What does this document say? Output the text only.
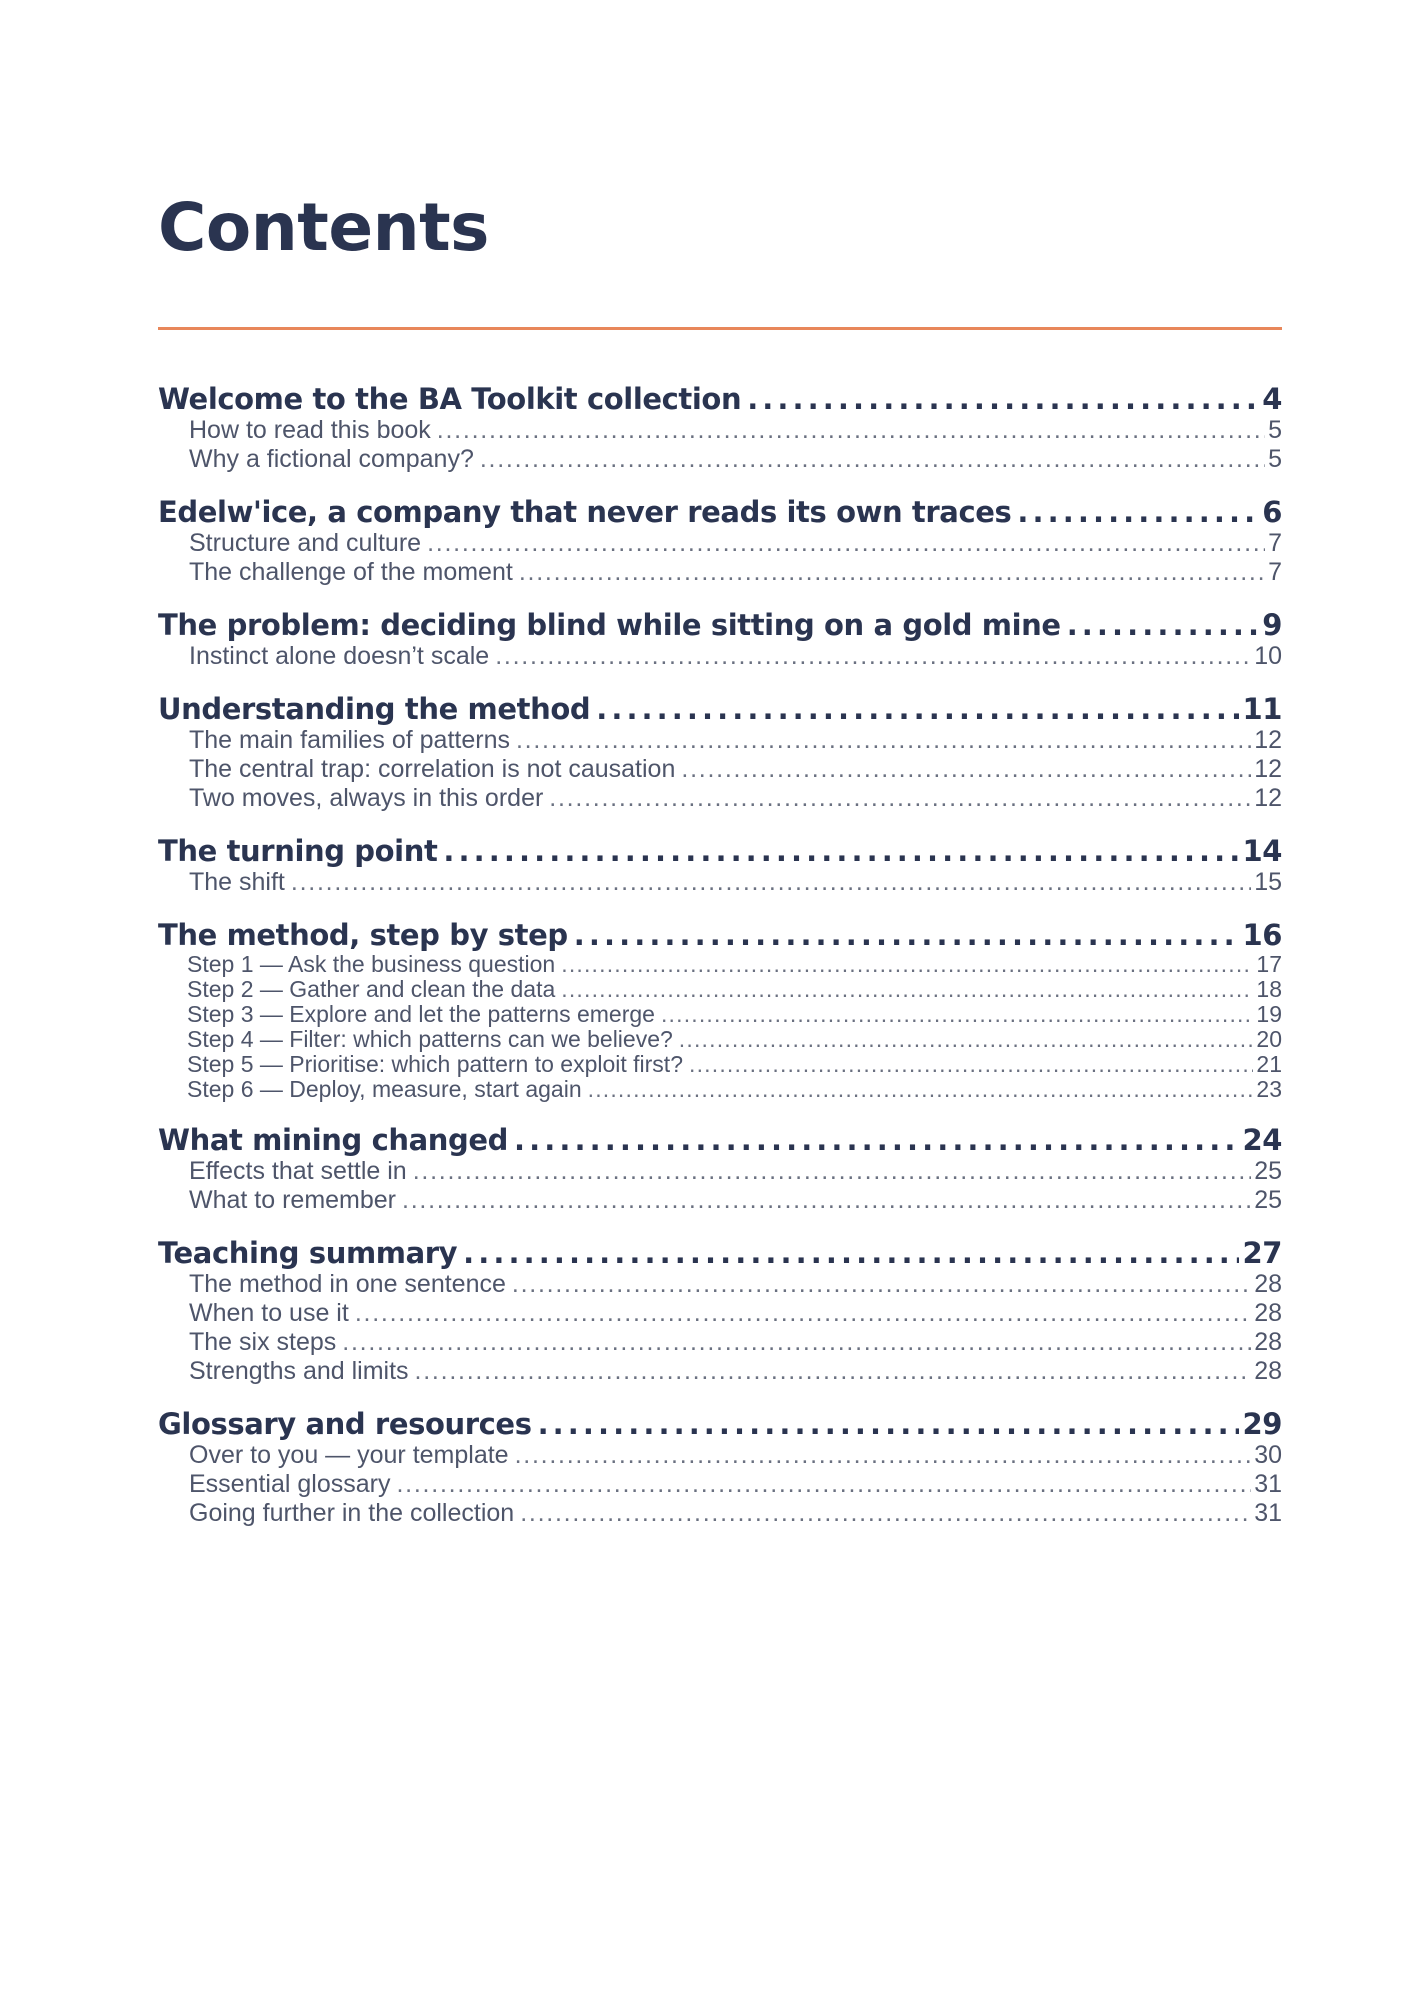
Contents
Welcome to the BA Toolkit collection . . .	4
How to read this book . . .	5
Why a fictional company? . . .	5
Edelw'ice, a company that never reads its own traces . . .	6
Structure and culture . . .	7
The challenge of the moment . . .	7
The problem: deciding blind while sitting on a gold mine . . .	9
Instinct alone doesn’t scale . . .	10
Understanding the method . . .	11
The main families of patterns . . .	12
The central trap: correlation is not causation . . .	12
Two moves, always in this order . . .	12
The turning point . . .	14
The shift . . .	15
The method, step by step . . .	16
Step 1 — Ask the business question . . .	17
Step 2 — Gather and clean the data . . .	18
Step 3 — Explore and let the patterns emerge . . .	19
Step 4 — Filter: which patterns can we believe? . . .	20
Step 5 — Prioritise: which pattern to exploit first? . . .	21
Step 6 — Deploy, measure, start again . . .	23
What mining changed . . .	24
Effects that settle in . . .	25
What to remember . . .	25
Teaching summary . . .	27
The method in one sentence . . .	28
When to use it . . .	28
The six steps . . .	28
Strengths and limits . . .	28
Glossary and resources . . .	29
Over to you — your template . . .	30
Essential glossary . . .	31
Going further in the collection . . .	31
